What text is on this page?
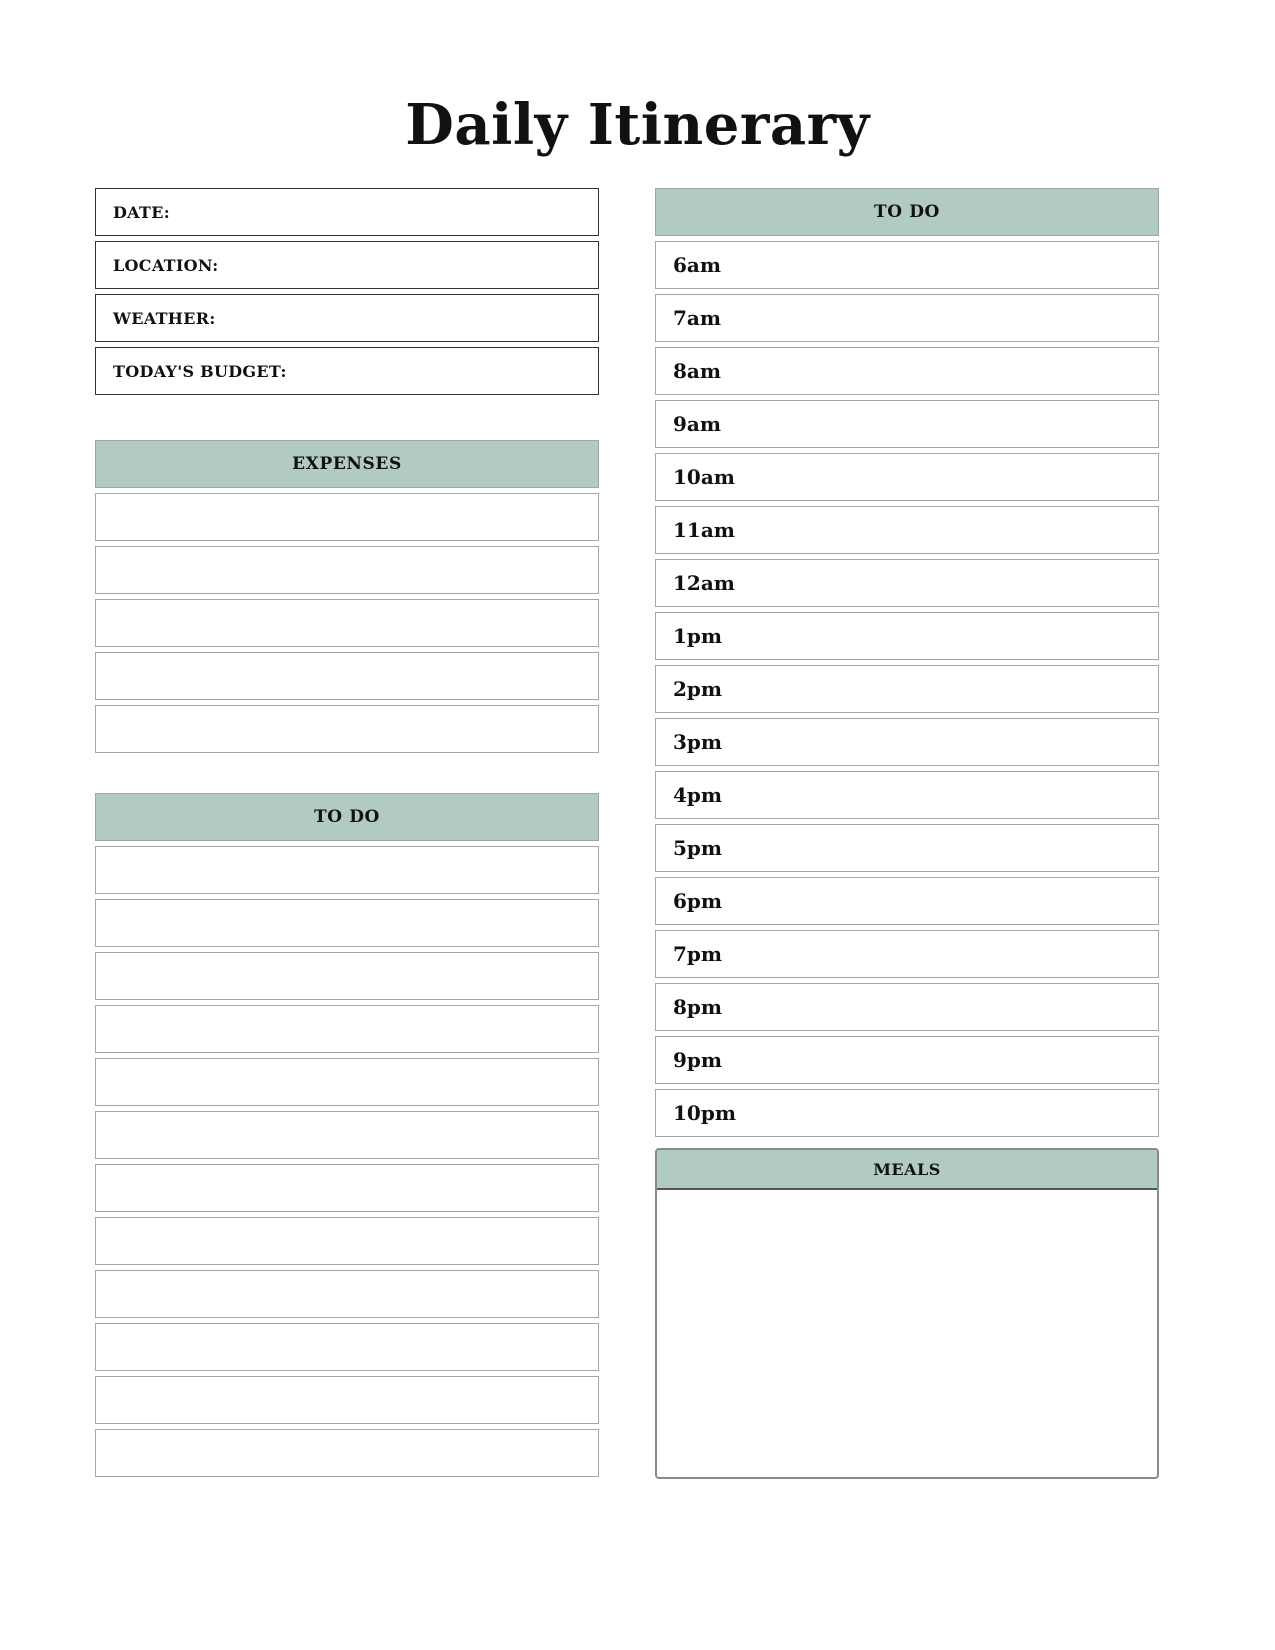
Daily Itinerary
DATE:
LOCATION:
WEATHER:
TODAY'S BUDGET:
EXPENSES
TO DO
TO DO
6am
7am
8am
9am
10am
11am
12am
1pm
2pm
3pm
4pm
5pm
6pm
7pm
8pm
9pm
10pm
MEALS
